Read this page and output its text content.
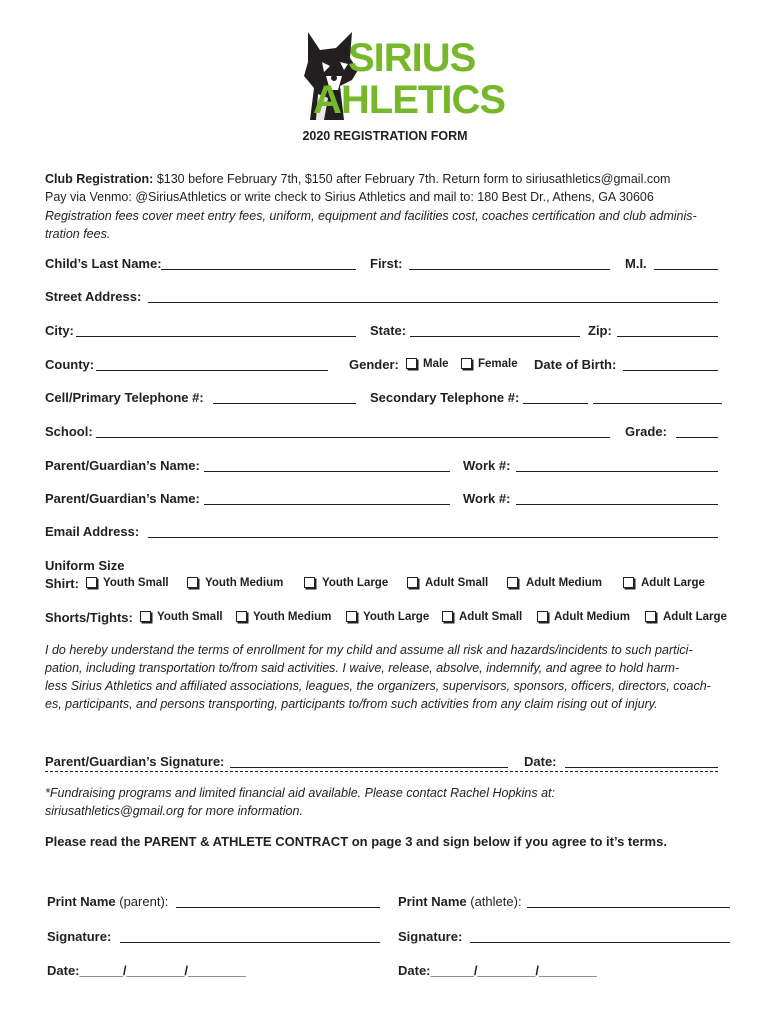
SIRIUS
AHLETICS
2020 REGISTRATION FORM
Club Registration: $130 before February 7th, $150 after February 7th. Return form to siriusathletics@gmail.com
Pay via Venmo: @SiriusAthletics or write check to Sirius Athletics and mail to: 180 Best Dr., Athens, GA 30606
Registration fees cover meet entry fees, uniform, equipment and facilities cost, coaches certification and club adminis-
tration fees.
Child’s Last Name:	First:	M.I.
Street Address:
City:	State:	Zip:
County:	Gender: Male	Female Date of Birth:
Cell/Primary Telephone #:	Secondary Telephone #:
School:	Grade:
Parent/Guardian’s Name:	Work #:
Parent/Guardian’s Name:	Work #:
Email Address:
Uniform Size
Shirt: Youth Small	Youth Medium	Youth Large	Adult Small	Adult Medium	Adult Large
Shorts/Tights: Youth Small	Youth Medium	Youth Large	Adult Small	Adult Medium	Adult Large
I do hereby understand the terms of enrollment for my child and assume all risk and hazards/incidents to such partici-
pation, including transportation to/from said activities. I waive, release, absolve, indemnify, and agree to hold harm-
less Sirius Athletics and affiliated associations, leagues, the organizers, supervisors, sponsors, officers, directors, coach-
es, participants, and persons transporting, participants to/from such activities from any claim rising out of injury.
Parent/Guardian’s Signature:	Date:
*Fundraising programs and limited financial aid available. Please contact Rachel Hopkins at:
siriusathletics@gmail.org for more information.
Please read the PARENT & ATHLETE CONTRACT on page 3 and sign below if you agree to it’s terms.
Print Name (parent):	Print Name (athlete):
Signature:	Signature:
Date:______/________/________	Date:______/________/________
